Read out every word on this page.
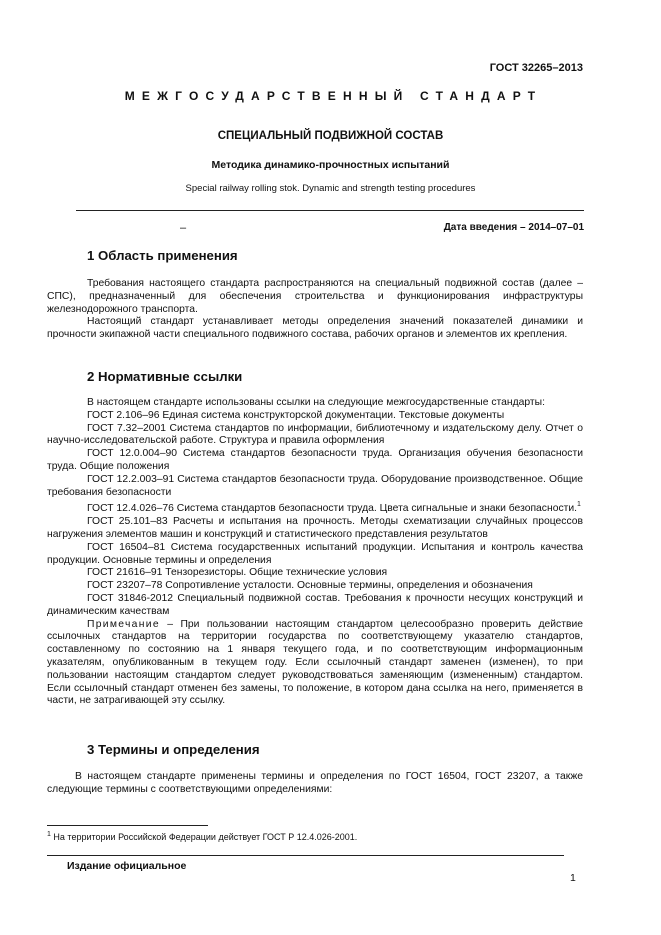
ГОСТ 32265–2013
МЕЖГОСУДАРСТВЕННЫЙ СТАНДАРТ
СПЕЦИАЛЬНЫЙ ПОДВИЖНОЙ СОСТАВ
Методика динамико-прочностных испытаний
Special railway rolling stok. Dynamic and strength testing procedures
–	Дата введения – 2014–07–01
1 Область применения

Требования настоящего стандарта распространяются на специальный подвижной состав (далее – СПС), предназначенный для обеспечения строительства и функционирования инфраструктуры железнодорожного транспорта.

Настоящий стандарт устанавливает методы определения значений показателей динамики и прочности экипажной части специального подвижного состава, рабочих органов и элементов их крепления.

2 Нормативные ссылки

В настоящем стандарте использованы ссылки на следующие межгосударственные стандарты:

ГОСТ 2.106–96 Единая система конструкторской документации. Текстовые документы

ГОСТ 7.32–2001 Система стандартов по информации, библиотечному и издательскому делу. Отчет о научно-исследовательской работе. Структура и правила оформления

ГОСТ 12.0.004–90 Система стандартов безопасности труда. Организация обучения безопасности труда. Общие положения

ГОСТ 12.2.003–91 Система стандартов безопасности труда. Оборудование производственное. Общие требования безопасности

ГОСТ 12.4.026–76 Система стандартов безопасности труда. Цвета сигнальные и знаки безопасности.$^1$

ГОСТ 25.101–83 Расчеты и испытания на прочность. Методы схематизации случайных процессов нагружения элементов машин и конструкций и статистического представления результатов

ГОСТ 16504–81 Система государственных испытаний продукции. Испытания и контроль качества продукции. Основные термины и определения

ГОСТ 21616–91 Тензорезисторы. Общие технические условия

ГОСТ 23207–78 Сопротивление усталости. Основные термины, определения и обозначения

ГОСТ 31846-2012 Специальный подвижной состав. Требования к прочности несущих конструкций и динамическим качествам

Примечание – При пользовании настоящим стандартом целесообразно проверить действие ссылочных стандартов на территории государства по соответствующему указателю стандартов, составленному по состоянию на 1 января текущего года, и по соответствующим информационным указателям, опубликованным в текущем году. Если ссылочный стандарт заменен (изменен), то при пользовании настоящим стандартом следует руководствоваться заменяющим (измененным) стандартом. Если ссылочный стандарт отменен без замены, то положение, в котором дана ссылка на него, применяется в части, не затрагивающей эту ссылку.

3 Термины и определения

В настоящем стандарте применены термины и определения по ГОСТ 16504, ГОСТ 23207, а также следующие термины с соответствующими определениями:

$^1$ На территории Российской Федерации действует ГОСТ Р 12.4.026-2001.
Издание официальное
1
